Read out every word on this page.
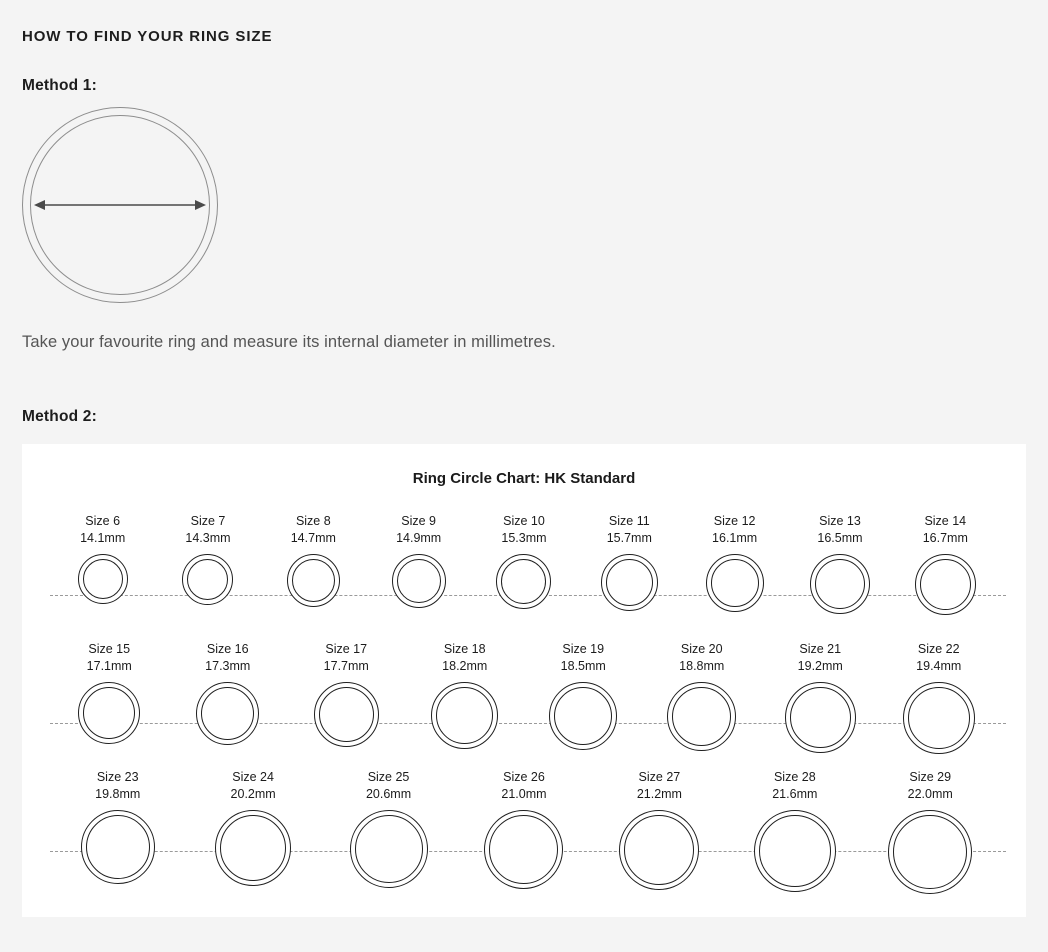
HOW TO FIND YOUR RING SIZE
Method 1:

Take your favourite ring and measure its internal diameter in millimetres.

Method 2:
Ring Circle Chart: HK Standard
Size 6
14.1mm
Size 7
14.3mm
Size 8
14.7mm
Size 9
14.9mm
Size 10
15.3mm
Size 11
15.7mm
Size 12
16.1mm
Size 13
16.5mm
Size 14
16.7mm
Size 15
17.1mm
Size 16
17.3mm
Size 17
17.7mm
Size 18
18.2mm
Size 19
18.5mm
Size 20
18.8mm
Size 21
19.2mm
Size 22
19.4mm
Size 23
19.8mm
Size 24
20.2mm
Size 25
20.6mm
Size 26
21.0mm
Size 27
21.2mm
Size 28
21.6mm
Size 29
22.0mm
